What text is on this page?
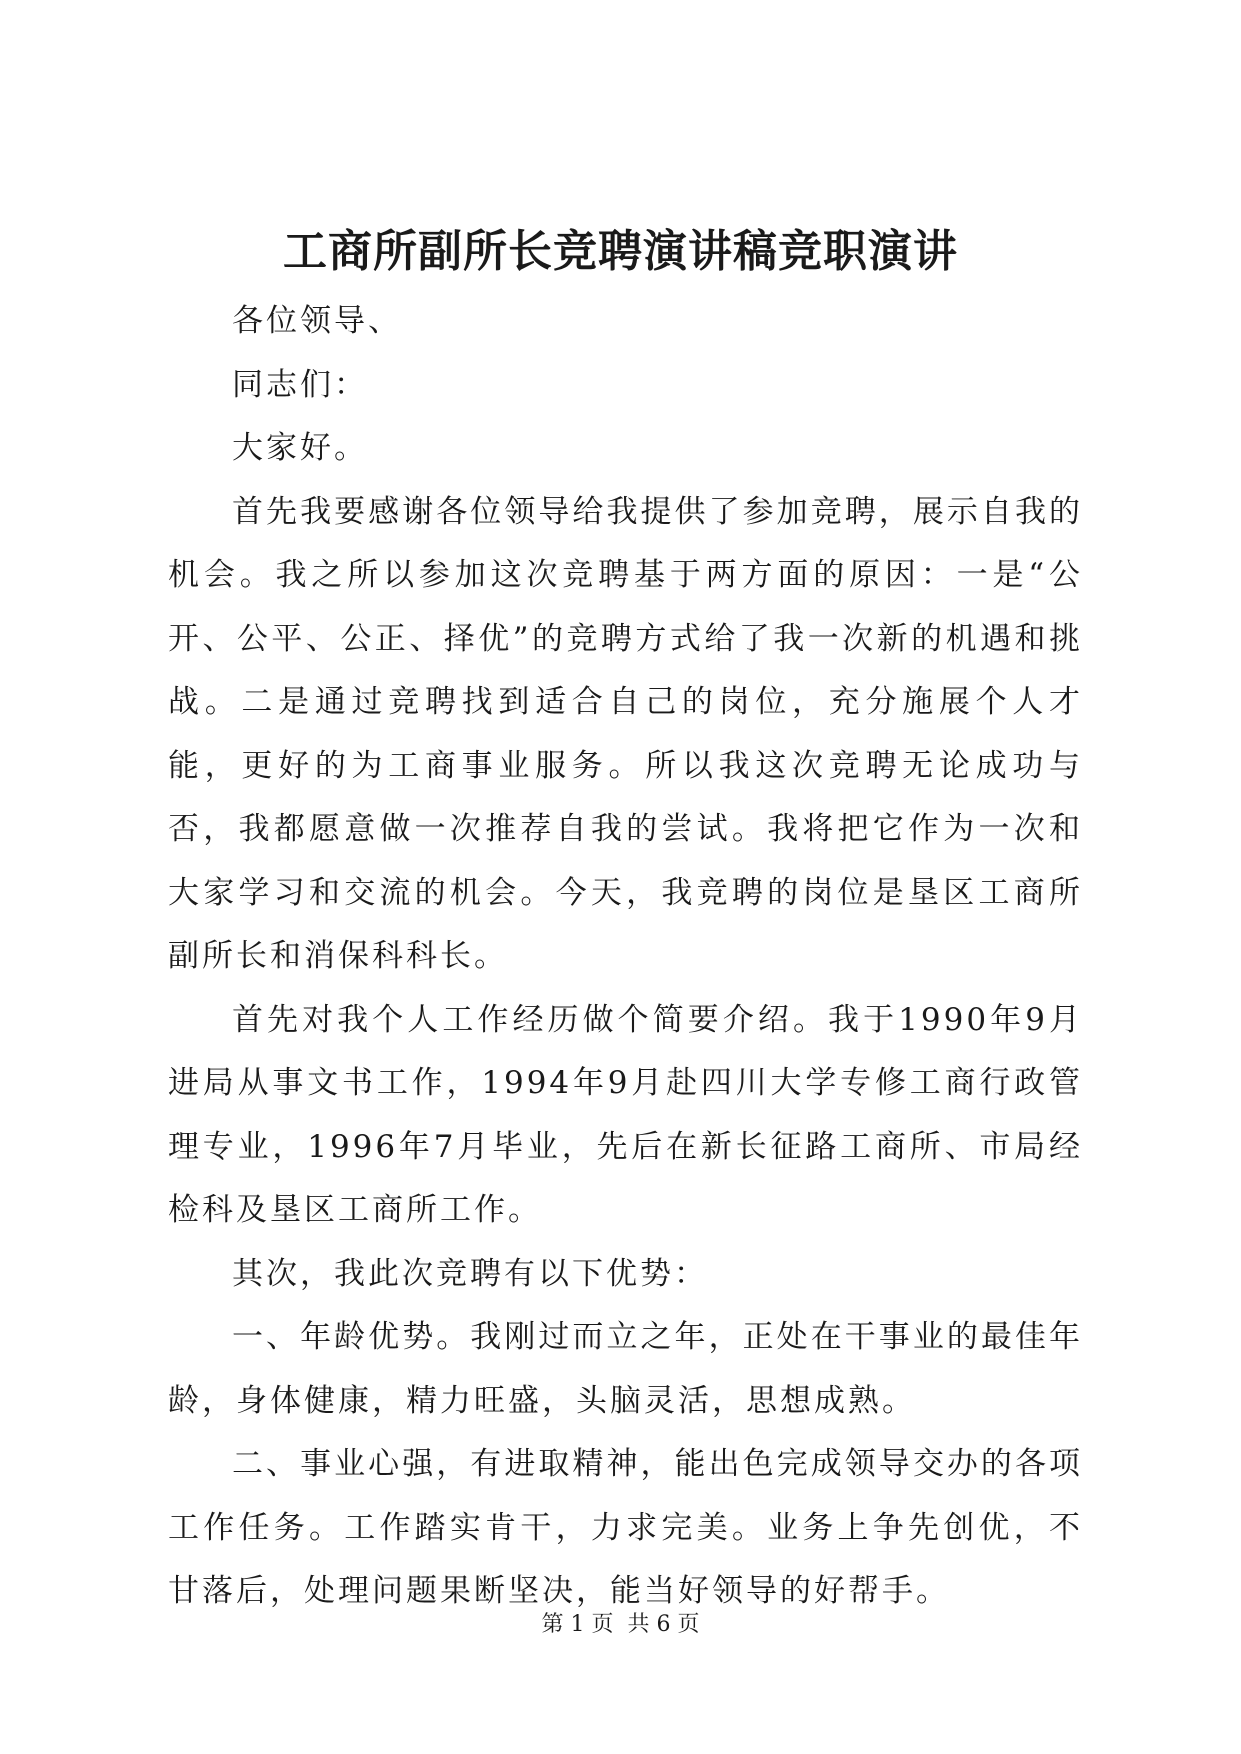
工商所副所长竞聘演讲稿竞职演讲

各位领导、

同志们：

大家好。

首先我要感谢各位领导给我提供了参加竞聘，展示自我的机会。我之所以参加这次竞聘基于两方面的原因：一是“公开、公平、公正、择优”的竞聘方式给了我一次新的机遇和挑战。二是通过竞聘找到适合自己的岗位，充分施展个人才能，更好的为工商事业服务。所以我这次竞聘无论成功与否，我都愿意做一次推荐自我的尝试。我将把它作为一次和大家学习和交流的机会。今天，我竞聘的岗位是垦区工商所副所长和消保科科长。

首先对我个人工作经历做个简要介绍。我于1990年9月进局从事文书工作，1994年9月赴四川大学专修工商行政管理专业，1996年7月毕业，先后在新长征路工商所、市局经检科及垦区工商所工作。

其次，我此次竞聘有以下优势：

一、年龄优势。我刚过而立之年，正处在干事业的最佳年龄，身体健康，精力旺盛，头脑灵活，思想成熟。

二、事业心强，有进取精神，能出色完成领导交办的各项工作任务。工作踏实肯干，力求完美。业务上争先创优，不甘落后，处理问题果断坚决，能当好领导的好帮手。

第 1 页  共 6 页
